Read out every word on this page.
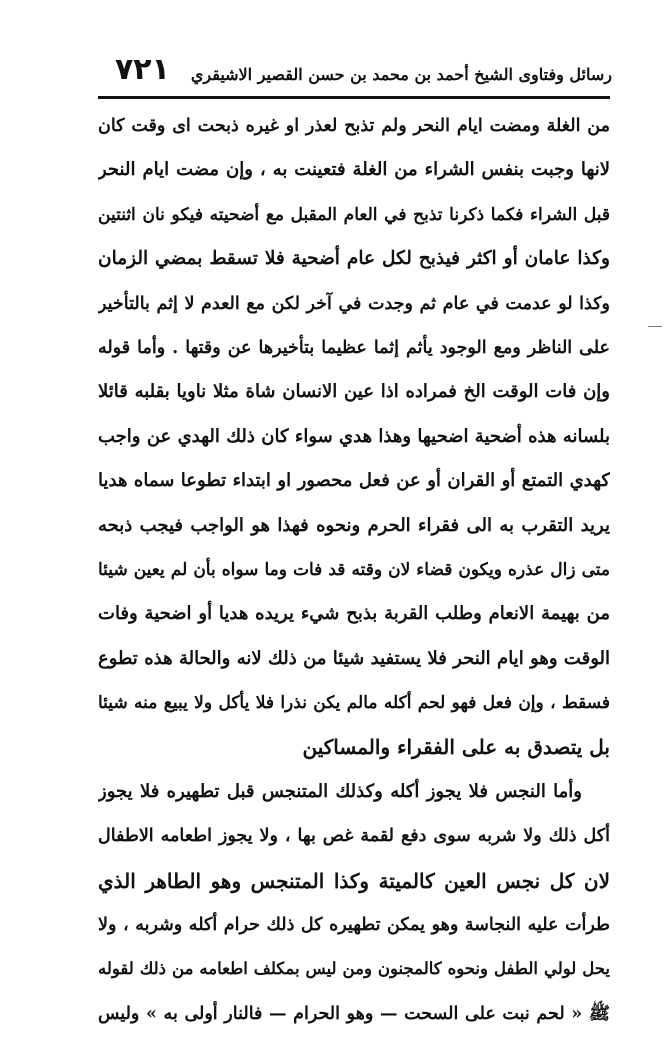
٧٢١ رسائل وفتاوى الشيخ أحمد بن محمد بن حسن القصير الاشيقري
من الغلة ومضت ايام النحر ولم تذبح لعذر او غيره ذبحت اى وقت كان
لانها وجبت بنفس الشراء من الغلة فتعينت به ، وإن مضت ايام النحر
قبل الشراء فكما ذكرنا تذبح في العام المقبل مع أضحيته فيكو نان اثنتين
وكذا عامان أو اكثر فيذبح لكل عام أضحية فلا تسقط بمضي الزمان
وكذا لو عدمت في عام ثم وجدت في آخر لكن مع العدم لا إثم بالتأخير
على الناظر ومع الوجود يأثم إثما عظيما بتأخيرها عن وقتها . وأما قوله
وإن فات الوقت الخ فمراده اذا عين الانسان شاة مثلا ناويا بقلبه قائلا
بلسانه هذه أضحية اضحيها وهذا هدي سواء كان ذلك الهدي عن واجب
كهدي التمتع أو القران أو عن فعل محصور او ابتداء تطوعا سماه هديا
يريد التقرب به الى فقراء الحرم ونحوه فهذا هو الواجب فيجب ذبحه
متى زال عذره ويكون قضاء لان وقته قد فات وما سواه بأن لم يعين شيئا
من بهيمة الانعام وطلب القربة بذبح شيء يريده هديا أو اضحية وفات
الوقت وهو ايام النحر فلا يستفيد شيئا من ذلك لانه والحالة هذه تطوع
فسقط ، وإن فعل فهو لحم أكله مالم يكن نذرا فلا يأكل ولا يبيع منه شيئا
بل يتصدق به على الفقراء والمساكين
وأما النجس فلا يجوز أكله وكذلك المتنجس قبل تطهيره فلا يجوز
أكل ذلك ولا شربه سوى دفع لقمة غص بها ، ولا يجوز اطعامه الاطفال
لان كل نجس العين كالميتة وكذا المتنجس وهو الطاهر الذي
طرأت عليه النجاسة وهو يمكن تطهيره كل ذلك حرام أكله وشربه ، ولا
يحل لولي الطفل ونحوه كالمجنون ومن ليس بمكلف اطعامه من ذلك لقوله
ﷺ « لحم نبت على السحت — وهو الحرام — فالنار أولى به » وليس
